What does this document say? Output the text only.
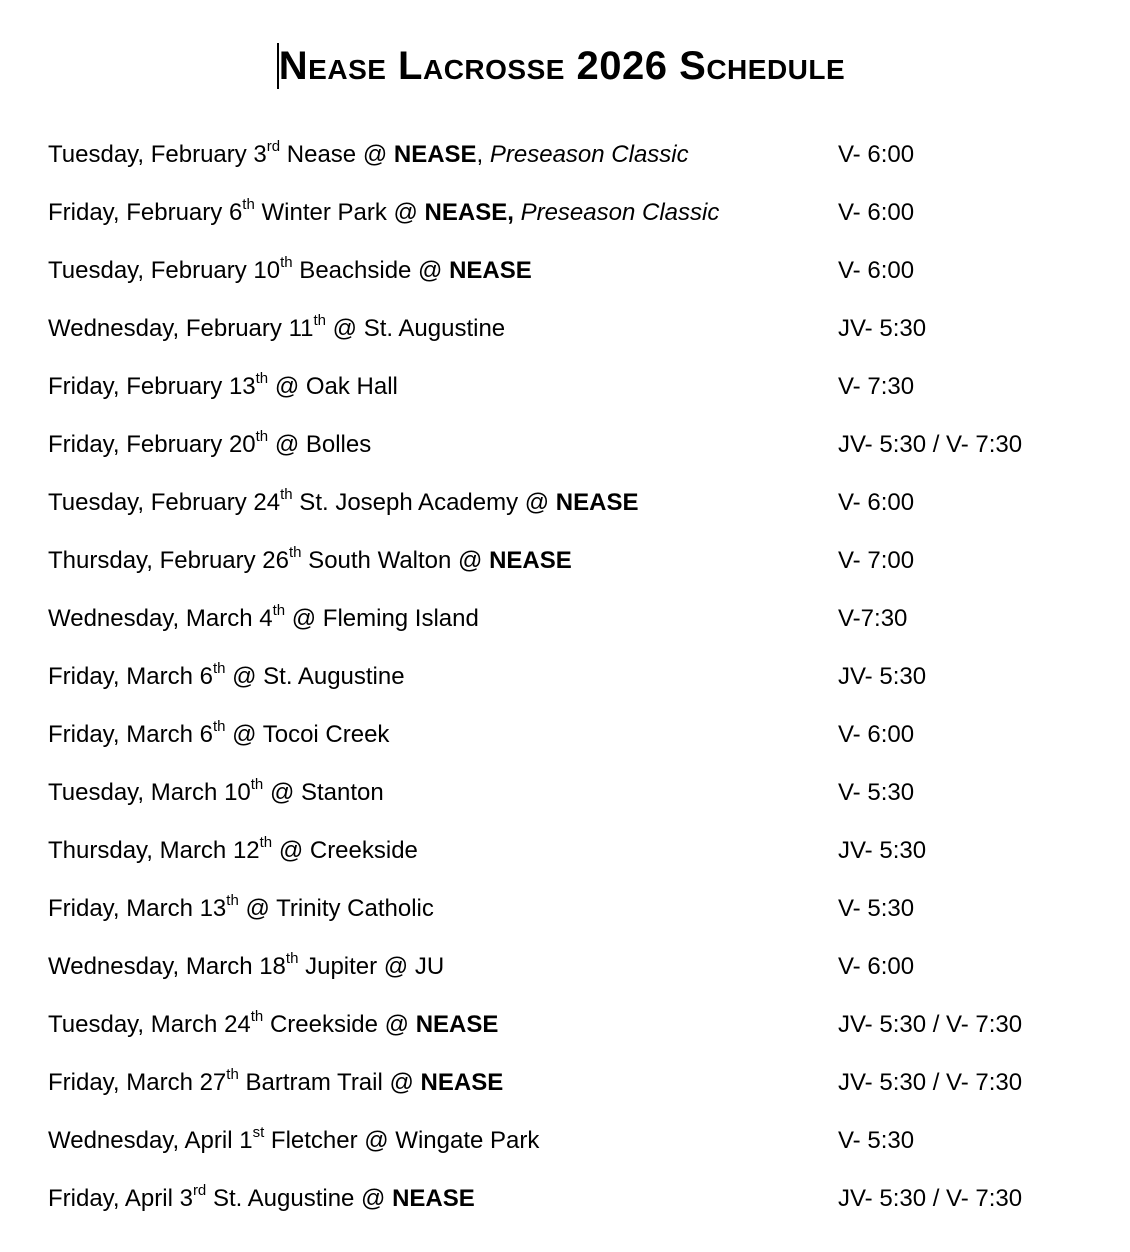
Nease Lacrosse 2026 Schedule
Tuesday, February 3rd Nease @ NEASE, Preseason Classic	V- 6:00
Friday, February 6th Winter Park @ NEASE, Preseason Classic	V- 6:00
Tuesday, February 10th Beachside @ NEASE	V- 6:00
Wednesday, February 11th @ St. Augustine	JV- 5:30
Friday, February 13th @ Oak Hall	V- 7:30
Friday, February 20th @ Bolles	JV- 5:30 / V- 7:30
Tuesday, February 24th St. Joseph Academy @ NEASE	V- 6:00
Thursday, February 26th South Walton @ NEASE	V- 7:00
Wednesday, March 4th @ Fleming Island	V-7:30
Friday, March 6th @ St. Augustine	JV- 5:30
Friday, March 6th @ Tocoi Creek	V- 6:00
Tuesday, March 10th @ Stanton	V- 5:30
Thursday, March 12th @ Creekside	JV- 5:30
Friday, March 13th @ Trinity Catholic	V- 5:30
Wednesday, March 18th Jupiter @ JU	V- 6:00
Tuesday, March 24th Creekside @ NEASE	JV- 5:30 / V- 7:30
Friday, March 27th Bartram Trail @ NEASE	JV- 5:30 / V- 7:30
Wednesday, April 1st Fletcher @ Wingate Park	V- 5:30
Friday, April 3rd St. Augustine @ NEASE	JV- 5:30 / V- 7:30
